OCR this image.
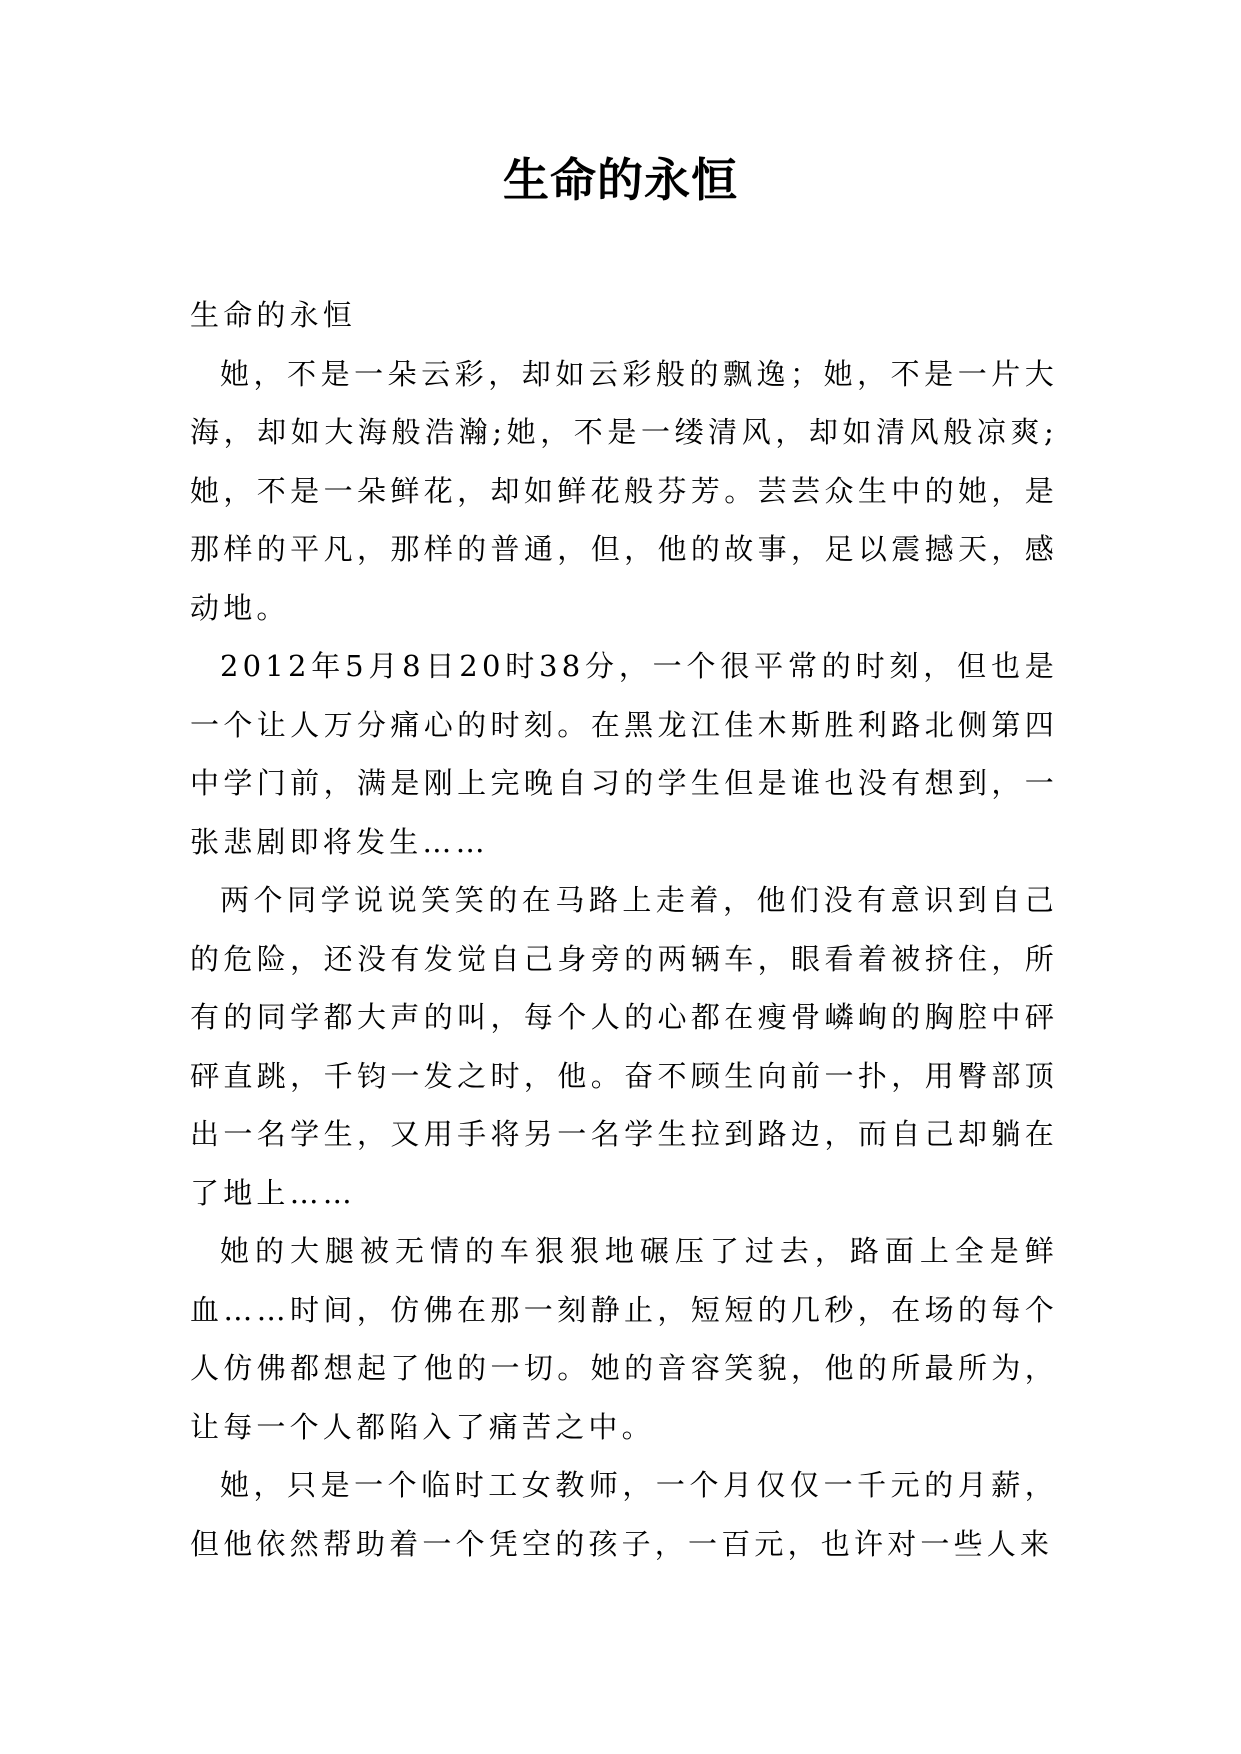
生命的永恒

生命的永恒

她，不是一朵云彩，却如云彩般的飘逸；她，不是一片大海，却如大海般浩瀚;她，不是一缕清风，却如清风般凉爽;她，不是一朵鲜花，却如鲜花般芬芳。芸芸众生中的她，是那样的平凡，那样的普通，但，他的故事，足以震撼天，感动地。

2012年5月8日20时38分，一个很平常的时刻，但也是一个让人万分痛心的时刻。在黑龙江佳木斯胜利路北侧第四中学门前，满是刚上完晚自习的学生但是谁也没有想到，一张悲剧即将发生……

两个同学说说笑笑的在马路上走着，他们没有意识到自己的危险，还没有发觉自己身旁的两辆车，眼看着被挤住，所有的同学都大声的叫，每个人的心都在瘦骨嶙峋的胸腔中砰砰直跳，千钧一发之时，他。奋不顾生向前一扑，用臀部顶出一名学生，又用手将另一名学生拉到路边，而自己却躺在了地上……

她的大腿被无情的车狠狠地碾压了过去，路面上全是鲜血……时间，仿佛在那一刻静止，短短的几秒，在场的每个人仿佛都想起了他的一切。她的音容笑貌，他的所最所为，让每一个人都陷入了痛苦之中。

她，只是一个临时工女教师，一个月仅仅一千元的月薪，但他依然帮助着一个凭空的孩子，一百元，也许对一些人来
